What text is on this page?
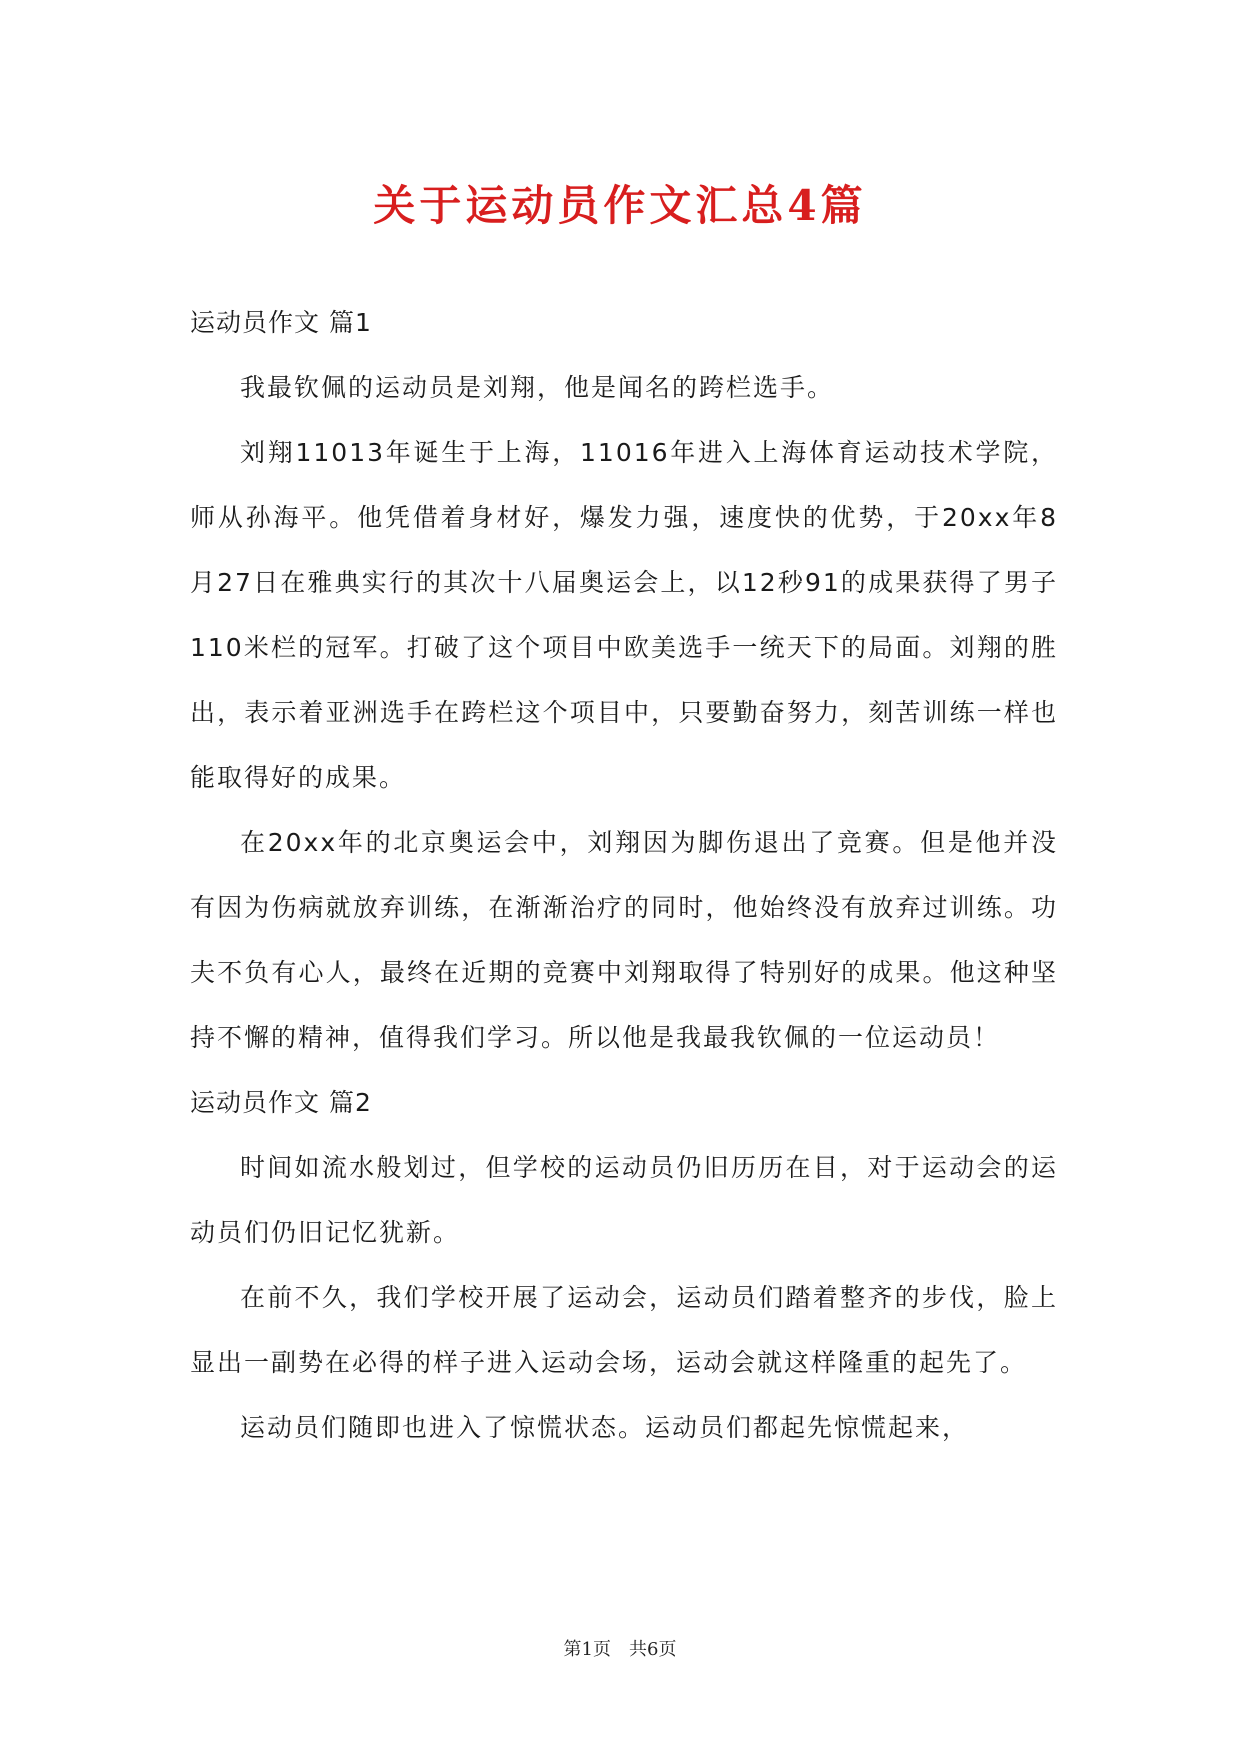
关于运动员作文汇总4篇
运动员作文 篇1

我最钦佩的运动员是刘翔，他是闻名的跨栏选手。

刘翔11013年诞生于上海，11016年进入上海体育运动技术学院，师从孙海平。他凭借着身材好，爆发力强，速度快的优势，于20xx年8月27日在雅典实行的其次十八届奥运会上，以12秒91的成果获得了男子110米栏的冠军。打破了这个项目中欧美选手一统天下的局面。刘翔的胜出，表示着亚洲选手在跨栏这个项目中，只要勤奋努力，刻苦训练一样也能取得好的成果。

在20xx年的北京奥运会中，刘翔因为脚伤退出了竞赛。但是他并没有因为伤病就放弃训练，在渐渐治疗的同时，他始终没有放弃过训练。功夫不负有心人，最终在近期的竞赛中刘翔取得了特别好的成果。他这种坚持不懈的精神，值得我们学习。所以他是我最我钦佩的一位运动员！

运动员作文 篇2

时间如流水般划过，但学校的运动员仍旧历历在目，对于运动会的运动员们仍旧记忆犹新。

在前不久，我们学校开展了运动会，运动员们踏着整齐的步伐，脸上显出一副势在必得的样子进入运动会场，运动会就这样隆重的起先了。

运动员们随即也进入了惊慌状态。运动员们都起先惊慌起来，

第1页　共6页
